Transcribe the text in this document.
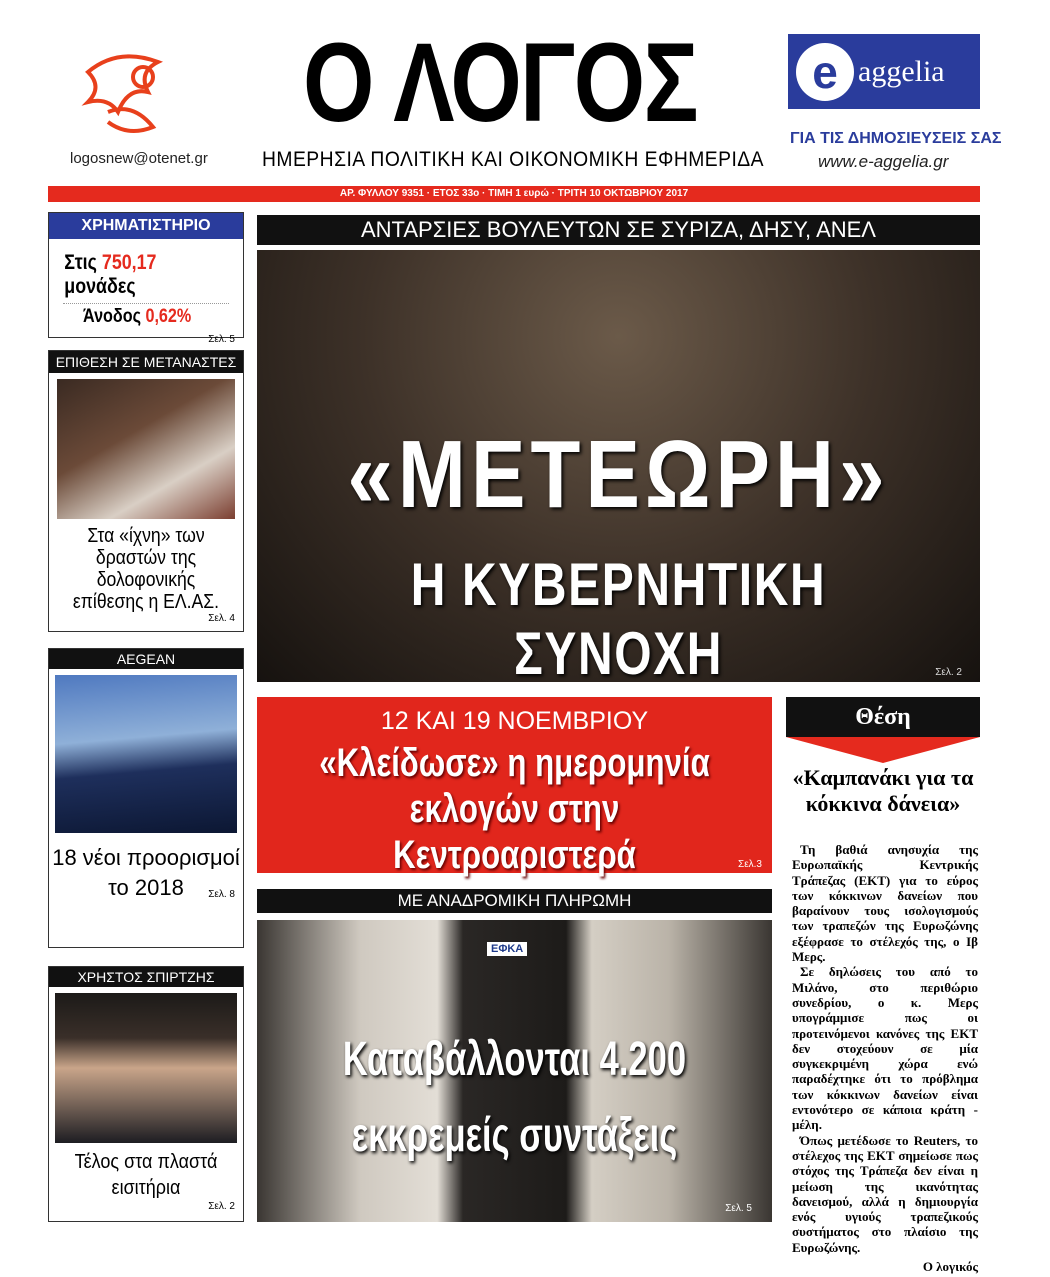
logosnew@otenet.gr
Ο ΛΟΓΟΣ
ΗΜΕΡΗΣΙΑ ΠΟΛΙΤΙΚΗ ΚΑΙ ΟΙΚΟΝΟΜΙΚΗ ΕΦΗΜΕΡΙΔΑ
e aggelia
ΓΙΑ ΤΙΣ ΔΗΜΟΣΙΕΥΣΕΙΣ ΣΑΣ
www.e-aggelia.gr
ΑΡ. ΦΥΛΛΟΥ 9351 · ΕΤΟΣ 33ο · ΤΙΜΗ 1 ευρώ · ΤΡΙΤΗ 10 ΟΚΤΩΒΡΙΟΥ 2017
ΧΡΗΜΑΤΙΣΤΗΡΙΟ
Στις 750,17 μονάδες
Άνοδος 0,62%
Σελ. 5
ΕΠΙΘΕΣΗ ΣΕ ΜΕΤΑΝΑΣΤΕΣ
Στα «ίχνη» των δραστών της δολοφονικής επίθεσης η ΕΛ.ΑΣ.
Σελ. 4
AEGEAN
18 νέοι προορισμοί το 2018	Σελ. 8
ΧΡΗΣΤΟΣ ΣΠΙΡΤΖΗΣ
Τέλος στα πλαστά εισιτήρια
Σελ. 2
ΑΝΤΑΡΣΙΕΣ ΒΟΥΛΕΥΤΩΝ ΣΕ ΣΥΡΙΖΑ, ΔΗΣΥ, ΑΝΕΛ
«ΜΕΤΕΩΡΗ»
Η ΚΥΒΕΡΝΗΤΙΚΗ ΣΥΝΟΧΗ	Σελ. 2
12 ΚΑΙ 19 ΝΟΕΜΒΡΙΟΥ
«Κλείδωσε» η ημερομηνία εκλογών στην Κεντροαριστερά	Σελ.3
ΜΕ ΑΝΑΔΡΟΜΙΚΗ ΠΛΗΡΩΜΗ
ΕΦΚΑ
Καταβάλλονται 4.200
εκκρεμείς συντάξεις
Σελ. 5
Θέση
«Καμπανάκι για τα κόκκινα δάνεια»

Τη βαθιά ανησυχία της Ευρωπαϊκής Κεντρικής Τράπεζας (ΕΚΤ) για το εύρος των κόκκινων δανείων που βαραίνουν τους ισολογισμούς των τραπεζών της Ευρωζώνης εξέφρασε το στέλεχός της, ο Ιβ Μερς.

Σε δηλώσεις του από το Μιλάνο, στο περιθώριο συνεδρίου, ο κ. Μερς υπογράμμισε πως οι προτεινόμενοι κανόνες της ΕΚΤ δεν στοχεύουν σε μία συγκεκριμένη χώρα ενώ παραδέχτηκε ότι το πρόβλημα των κόκκινων δανείων είναι εντονότερο σε κάποια κράτη - μέλη.

Όπως μετέδωσε το Reuters, το στέλεχος της ΕΚΤ σημείωσε πως στόχος της Τράπεζα δεν είναι η μείωση της ικανότητας δανεισμού, αλλά η δημιουργία ενός υγιούς τραπεζικούς συστήματος στο πλαίσιο της Ευρωζώνης.

Ο λογικός
